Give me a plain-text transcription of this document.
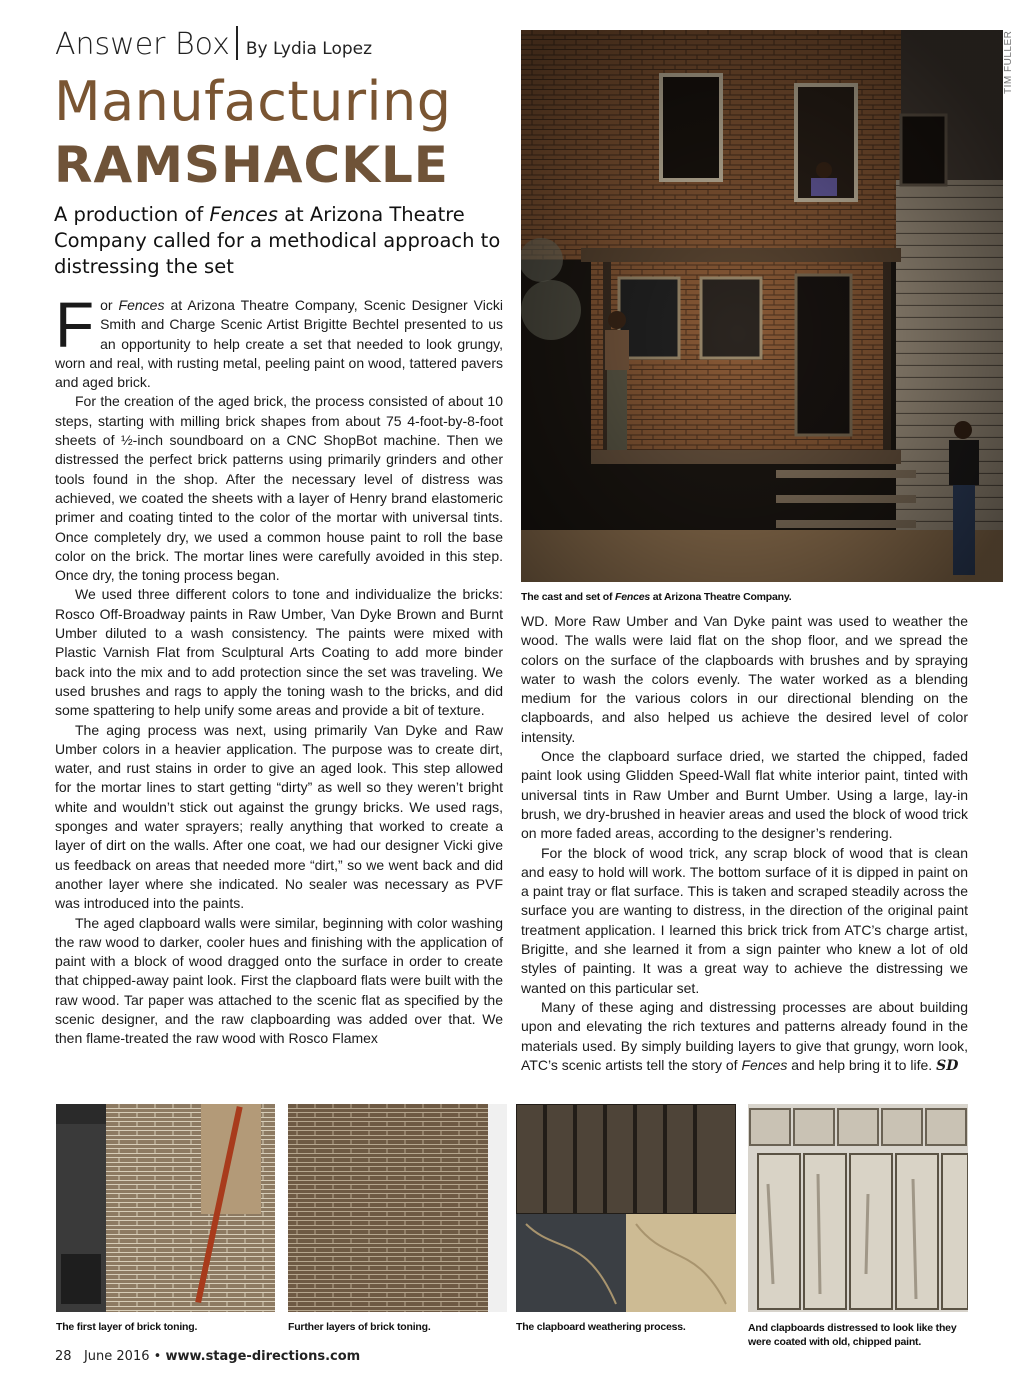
Answer Box By Lydia Lopez
Manufacturing
RAMSHACKLE
A production of Fences at Arizona Theatre Company called for a methodical approach to distressing the set

For Fences at Arizona Theatre Company, Scenic Designer Vicki Smith and Charge Scenic Artist Brigitte Bechtel presented to us an opportunity to help create a set that needed to look grungy, worn and real, with rusting metal, peeling paint on wood, tattered pavers and aged brick.

For the creation of the aged brick, the process consisted of about 10 steps, starting with milling brick shapes from about 75 4-foot-by-8-foot sheets of ½-inch soundboard on a CNC ShopBot machine. Then we distressed the perfect brick patterns using primarily grinders and other tools found in the shop. After the necessary level of distress was achieved, we coated the sheets with a layer of Henry brand elastomeric primer and coating tinted to the color of the mortar with universal tints. Once completely dry, we used a common house paint to roll the base color on the brick. The mortar lines were carefully avoided in this step. Once dry, the toning process began.

We used three different colors to tone and individualize the bricks: Rosco Off-Broadway paints in Raw Umber, Van Dyke Brown and Burnt Umber diluted to a wash consistency. The paints were mixed with Plastic Varnish Flat from Sculptural Arts Coating to add more binder back into the mix and to add protection since the set was traveling. We used brushes and rags to apply the toning wash to the bricks, and did some spattering to help unify some areas and provide a bit of texture.

The aging process was next, using primarily Van Dyke and Raw Umber colors in a heavier application. The purpose was to create dirt, water, and rust stains in order to give an aged look. This step allowed for the mortar lines to start getting “dirty” as well so they weren’t bright white and wouldn’t stick out against the grungy bricks. We used rags, sponges and water sprayers; really anything that worked to create a layer of dirt on the walls. After one coat, we had our designer Vicki give us feedback on areas that needed more “dirt,” so we went back and did another layer where she indicated. No sealer was necessary as PVF was introduced into the paints.

The aged clapboard walls were similar, beginning with color washing the raw wood to darker, cooler hues and finishing with the application of paint with a block of wood dragged onto the surface in order to create that chipped-away paint look. First the clapboard flats were built with the raw wood. Tar paper was attached to the scenic flat as specified by the scenic designer, and the raw clapboarding was added over that. We then flame-treated the raw wood with Rosco Flamex

TIM FULLER
The cast and set of Fences at Arizona Theatre Company.

WD. More Raw Umber and Van Dyke paint was used to weather the wood. The walls were laid flat on the shop floor, and we spread the colors on the surface of the clapboards with brushes and by spraying water to wash the colors evenly. The water worked as a blending medium for the various colors in our directional blending on the clapboards, and also helped us achieve the desired level of color intensity.

Once the clapboard surface dried, we started the chipped, faded paint look using Glidden Speed-Wall flat white interior paint, tinted with universal tints in Raw Umber and Burnt Umber. Using a large, lay-in brush, we dry-brushed in heavier areas and used the block of wood trick on more faded areas, according to the designer’s rendering.

For the block of wood trick, any scrap block of wood that is clean and easy to hold will work. The bottom surface of it is dipped in paint on a paint tray or flat surface. This is taken and scraped steadily across the surface you are wanting to distress, in the direction of the original paint treatment application. I learned this brick trick from ATC’s charge artist, Brigitte, and she learned it from a sign painter who knew a lot of old styles of painting. It was a great way to achieve the distressing we wanted on this particular set.

Many of these aging and distressing processes are about building upon and elevating the rich textures and patterns already found in the materials used. By simply building layers to give that grungy, worn look, ATC’s scenic artists tell the story of Fences and help bring it to life. SD

The first layer of brick toning.	Further layers of brick toning.	The clapboard weathering process.	And clapboards distressed to look like they were coated with old, chipped paint.
28 June 2016 • www.stage-directions.com
